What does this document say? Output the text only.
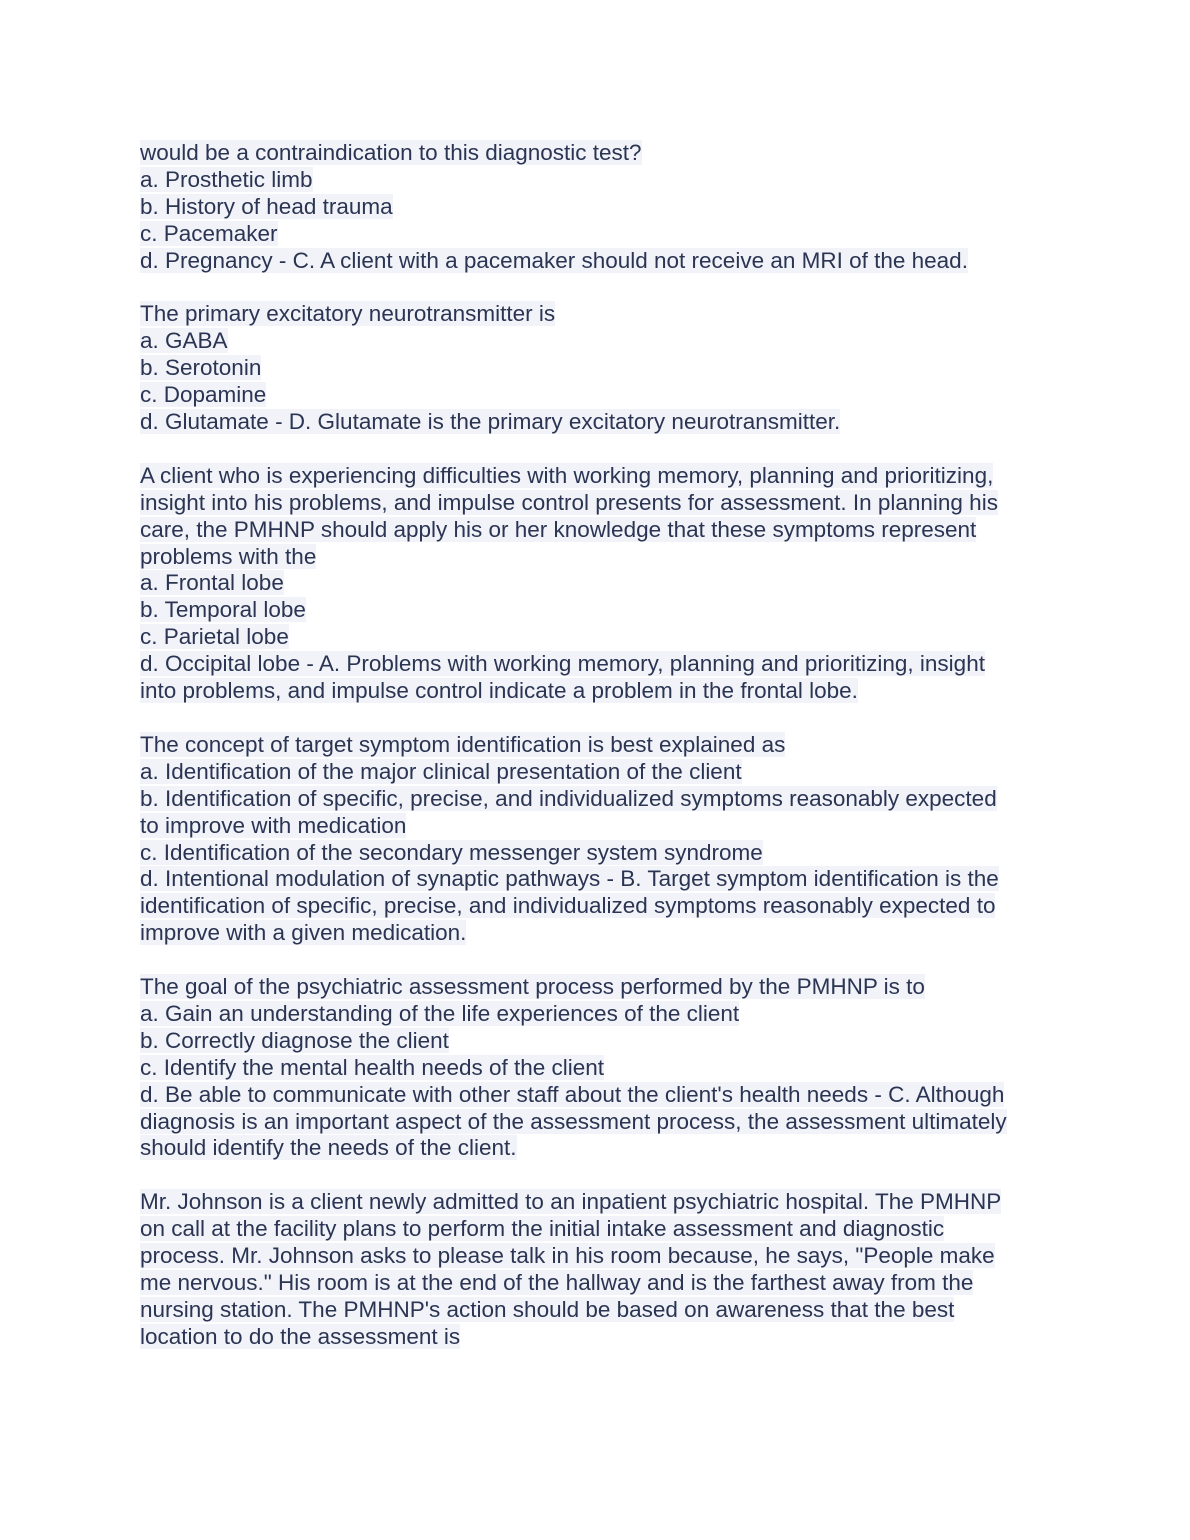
would be a contraindication to this diagnostic test?
a. Prosthetic limb
b. History of head trauma
c. Pacemaker
d. Pregnancy - C. A client with a pacemaker should not receive an MRI of the head.
The primary excitatory neurotransmitter is
a. GABA
b. Serotonin
c. Dopamine
d. Glutamate - D. Glutamate is the primary excitatory neurotransmitter.
A client who is experiencing difficulties with working memory, planning and prioritizing,
insight into his problems, and impulse control presents for assessment. In planning his
care, the PMHNP should apply his or her knowledge that these symptoms represent
problems with the
a. Frontal lobe
b. Temporal lobe
c. Parietal lobe
d. Occipital lobe - A. Problems with working memory, planning and prioritizing, insight
into problems, and impulse control indicate a problem in the frontal lobe.
The concept of target symptom identification is best explained as
a. Identification of the major clinical presentation of the client
b. Identification of specific, precise, and individualized symptoms reasonably expected
to improve with medication
c. Identification of the secondary messenger system syndrome
d. Intentional modulation of synaptic pathways - B. Target symptom identification is the
identification of specific, precise, and individualized symptoms reasonably expected to
improve with a given medication.
The goal of the psychiatric assessment process performed by the PMHNP is to
a. Gain an understanding of the life experiences of the client
b. Correctly diagnose the client
c. Identify the mental health needs of the client
d. Be able to communicate with other staff about the client's health needs - C. Although
diagnosis is an important aspect of the assessment process, the assessment ultimately
should identify the needs of the client.
Mr. Johnson is a client newly admitted to an inpatient psychiatric hospital. The PMHNP
on call at the facility plans to perform the initial intake assessment and diagnostic
process. Mr. Johnson asks to please talk in his room because, he says, "People make
me nervous." His room is at the end of the hallway and is the farthest away from the
nursing station. The PMHNP's action should be based on awareness that the best
location to do the assessment is
